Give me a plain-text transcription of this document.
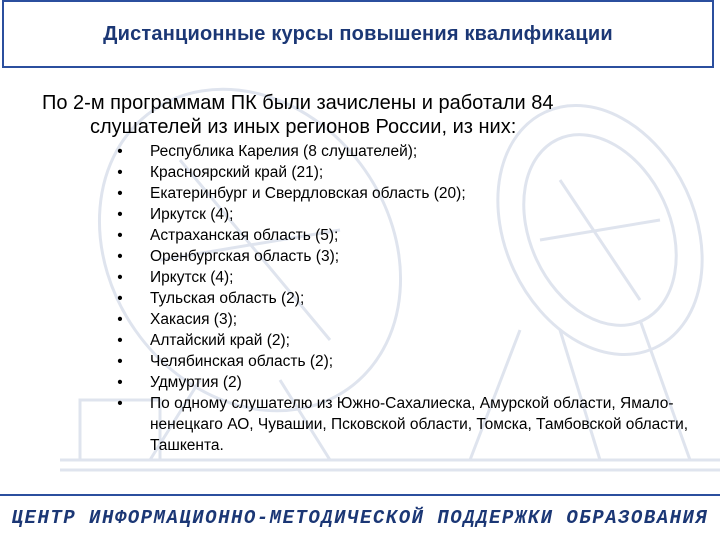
Дистанционные курсы повышения квалификации
По 2-м программам ПК были зачислены и работали 84
слушателей из иных регионов России, из них:
•	Республика Карелия (8 слушателей);
•	Красноярский край (21);
•	Екатеринбург и Свердловская область (20);
•	Иркутск (4);
•	Астраханская область (5);
•	Оренбургская область (3);
•	Иркутск (4);
•	Тульская область (2);
•	Хакасия (3);
•	Алтайский край (2);
•	Челябинская область (2);
•	Удмуртия (2)
•	По одному слушателю из Южно-Сахалиеска, Амурской области, Ямало-ненецкаго АО, Чувашии, Псковской области, Томска, Тамбовской области, Ташкента.
ЦЕНТР ИНФОРМАЦИОННО-МЕТОДИЧЕСКОЙ ПОДДЕРЖКИ ОБРАЗОВАНИЯ
